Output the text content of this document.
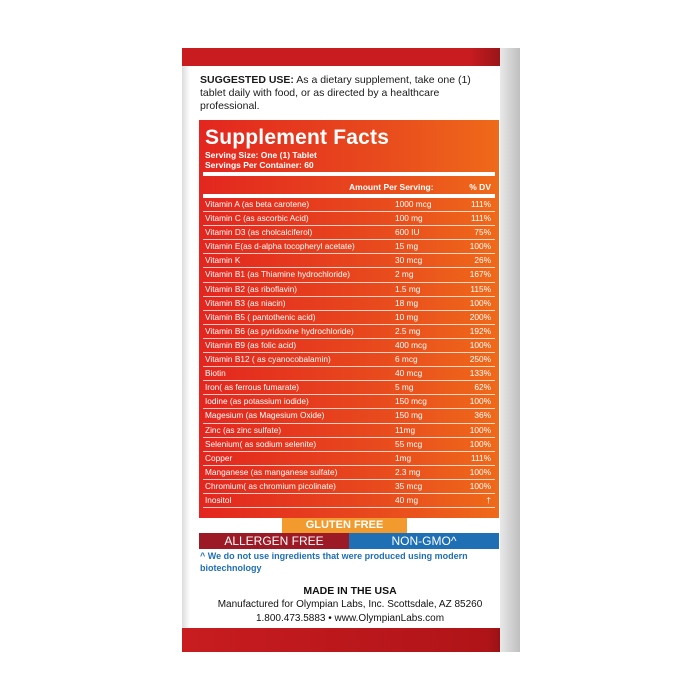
SUGGESTED USE: As a dietary supplement, take one (1) tablet daily with food, or as directed by a healthcare professional.
Supplement Facts
Serving Size: One (1) Tablet
Servings Per Container: 60
Amount Per Serving:	% DV
Vitamin A (as beta carotene)	1000 mcg	111%
Vitamin C (as ascorbic Acid)	100 mg	111%
Vitamin D3 (as cholcalciferol)	600 IU	75%
Vitamin E(as d-alpha tocopheryl acetate)	15 mg	100%
Vitamin K	30 mcg	26%
Vitamin B1 (as Thiamine hydrochloride)	2 mg	167%
Vitamin B2 (as riboflavin)	1.5 mg	115%
Vitamin B3 (as niacin)	18 mg	100%
Vitamin B5 ( pantothenic acid)	10 mg	200%
Vitamin B6 (as pyridoxine hydrochloride)	2.5 mg	192%
Vitamin B9 (as folic acid)	400 mcg	100%
Vitamin B12 ( as cyanocobalamin)	6 mcg	250%
Biotin	40 mcg	133%
Iron( as ferrous fumarate)	5 mg	62%
Iodine (as potassium iodide)	150 mcg	100%
Magesium (as Magesium Oxide)	150 mg	36%
Zinc (as zinc sulfate)	11mg	100%
Selenium( as sodium selenite)	55 mcg	100%
Copper	1mg	111%
Manganese (as manganese sulfate)	2.3 mg	100%
Chromium( as chromium picolinate)	35 mcg	100%
Inositol	40 mg	†
GLUTEN FREE
ALLERGEN FREE	NON-GMO^
^ We do not use ingredients that were produced using modern biotechnology
MADE IN THE USA
Manufactured for Olympian Labs, Inc. Scottsdale, AZ 85260
1.800.473.5883 • www.OlympianLabs.com
